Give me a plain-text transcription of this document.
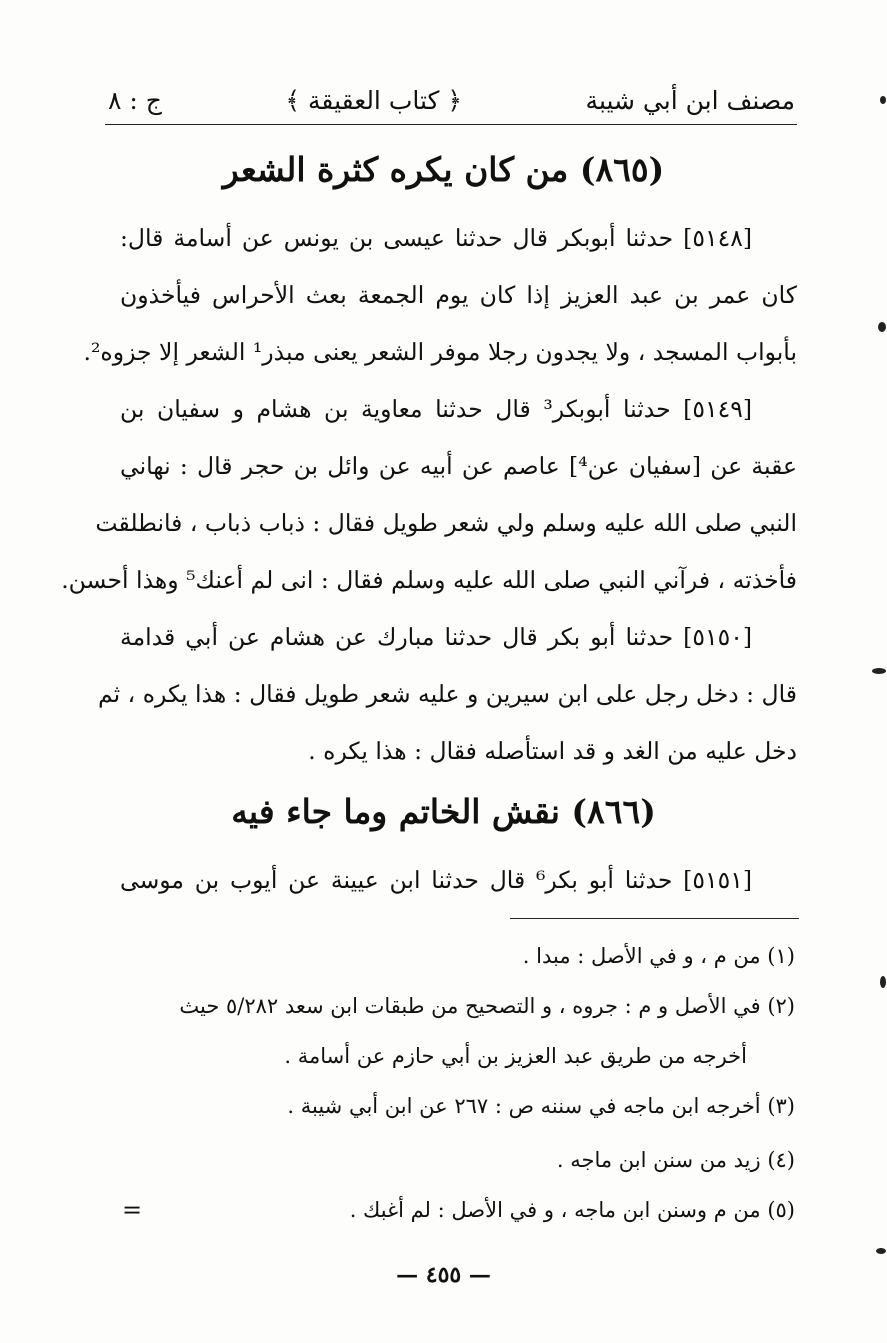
مصنف ابن أبي شيبة
﴿ كتاب العقيقة ﴾
ج : ٨
(٨٦٥) من كان يكره كثرة الشعر
[٥١٤٨] حدثنا أبوبكر قال حدثنا عيسى بن يونس عن أسامة قال:
كان عمر بن عبد العزيز إذا كان يوم الجمعة بعث الأحراس فيأخذون
بأبواب المسجد ، ولا يجدون رجلا موفر الشعر يعنى مبذر¹ الشعر إلا جزوه².
[٥١٤٩] حدثنا أبوبكر³ قال حدثنا معاوية بن هشام و سفيان بن
عقبة عن [سفيان عن⁴] عاصم عن أبيه عن وائل بن حجر قال : نهاني
النبي صلى الله عليه وسلم ولي شعر طويل فقال : ذباب ذباب ، فانطلقت
فأخذته ، فرآني النبي صلى الله عليه وسلم فقال : انى لم أعنك⁵ وهذا أحسن.
[٥١٥٠] حدثنا أبو بكر قال حدثنا مبارك عن هشام عن أبي قدامة
قال : دخل رجل على ابن سيرين و عليه شعر طويل فقال : هذا يكره ، ثم
دخل عليه من الغد و قد استأصله فقال : هذا يكره .
(٨٦٦) نقش الخاتم وما جاء فيه
[٥١٥١] حدثنا أبو بكر⁶ قال حدثنا ابن عيينة عن أيوب بن موسى
(١) من م ، و في الأصل : مبدا .
(٢) في الأصل و م : جروه ، و التصحيح من طبقات ابن سعد ٥/٢٨٢ حيث
أخرجه من طريق عبد العزيز بن أبي حازم عن أسامة .
(٣) أخرجه ابن ماجه في سننه ص : ٢٦٧ عن ابن أبي شيبة .
(٤) زيد من سنن ابن ماجه .
(٥) من م وسنن ابن ماجه ، و في الأصل : لم أغبك .
=
— ٤٥٥ —
